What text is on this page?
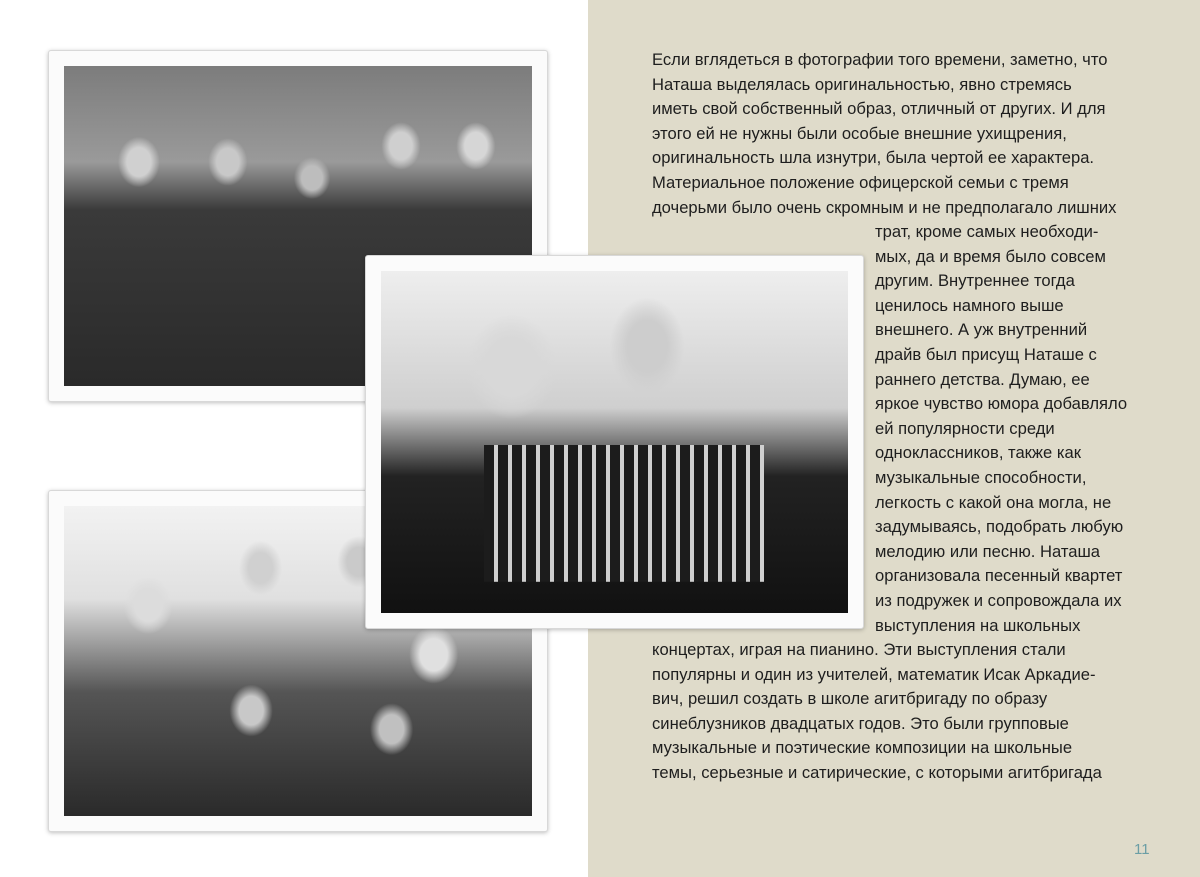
Если вглядеться в фотографии того времени, заметно, что
Наташа выделялась оригинальностью, явно стремясь
иметь свой собственный образ, отличный от других. И для
этого ей не нужны были особые внешние ухищрения,
оригинальность шла изнутри, была чертой ее характера.
Материальное положение офицерской семьи с тремя
дочерьми было очень скромным и не предполагало лишних
трат, кроме самых необходи-
мых, да и время было совсем
другим. Внутреннее тогда
ценилось намного выше
внешнего. А уж внутренний
драйв был присущ Наташе с
раннего детства. Думаю, ее
яркое чувство юмора добавляло
ей популярности среди
одноклассников, также как
музыкальные способности,
легкость с какой она могла, не
задумываясь, подобрать любую
мелодию или песню. Наташа
организовала песенный квартет
из подружек и сопровождала их
выступления на школьных
концертах, играя на пианино. Эти выступления стали
популярны и один из учителей, математик Исак Аркадие-
вич, решил создать в школе агитбригаду по образу
синеблузников двадцатых годов. Это были групповые
музыкальные и поэтические композиции на школьные
темы, серьезные и сатирические, с которыми агитбригада
11
